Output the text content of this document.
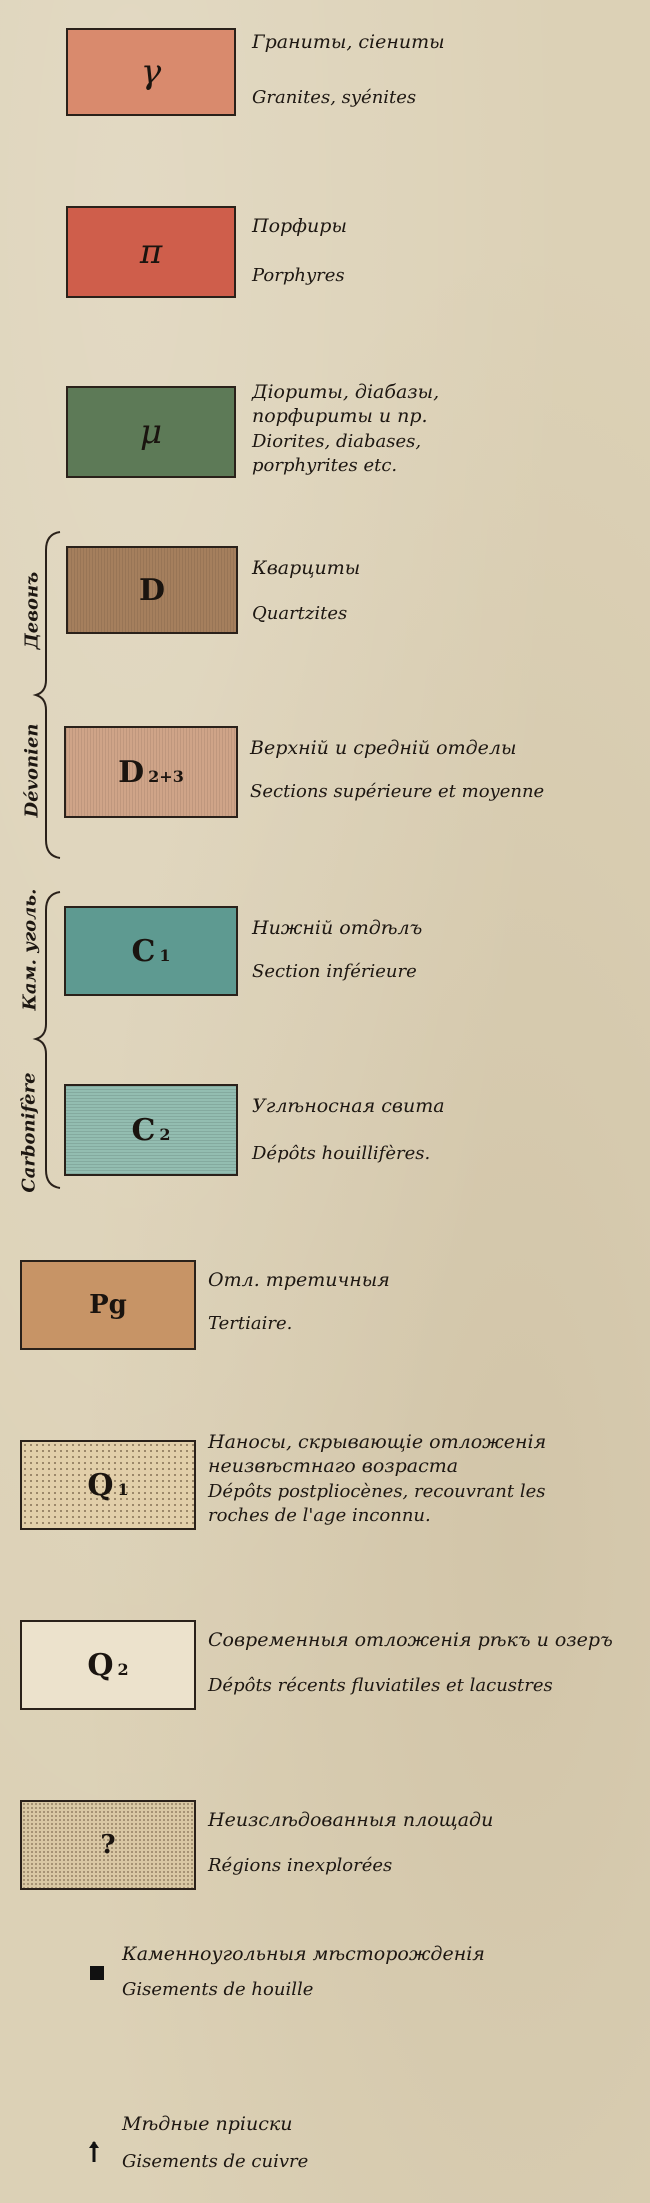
γ
Граниты, сіениты
Granites, syénites
π
Порфиры
Porphyres
μ
Діориты, діабазы,
порфириты и пр.
Diorites, diabases,
porphyrites etc.
Девонъ
Dévonien
D
Кварциты
Quartzites
D 2+3
Верхній и средній отделы
Sections supérieure et moyenne
Кам. уголь.
Carbonifère
C 1
Нижній отдѣлъ
Section inférieure
C 2
Углѣносная свита
Dépôts houillifères.
Pg
Отл. третичныя
Tertiaire.
Q 1
Наносы, скрывающіе отложенія
неизвѣстнаго возраста
Dépôts postpliocènes, recouvrant les
roches de l'age inconnu.
Q 2
Современныя отложенія рѣкъ и озеръ
Dépôts récents fluviatiles et lacustres
?
Неизслѣдованныя площади
Régions inexplorées
Каменноугольныя мѣсторожденія
Gisements de houille
Мѣдные пріиски
Gisements de cuivre
